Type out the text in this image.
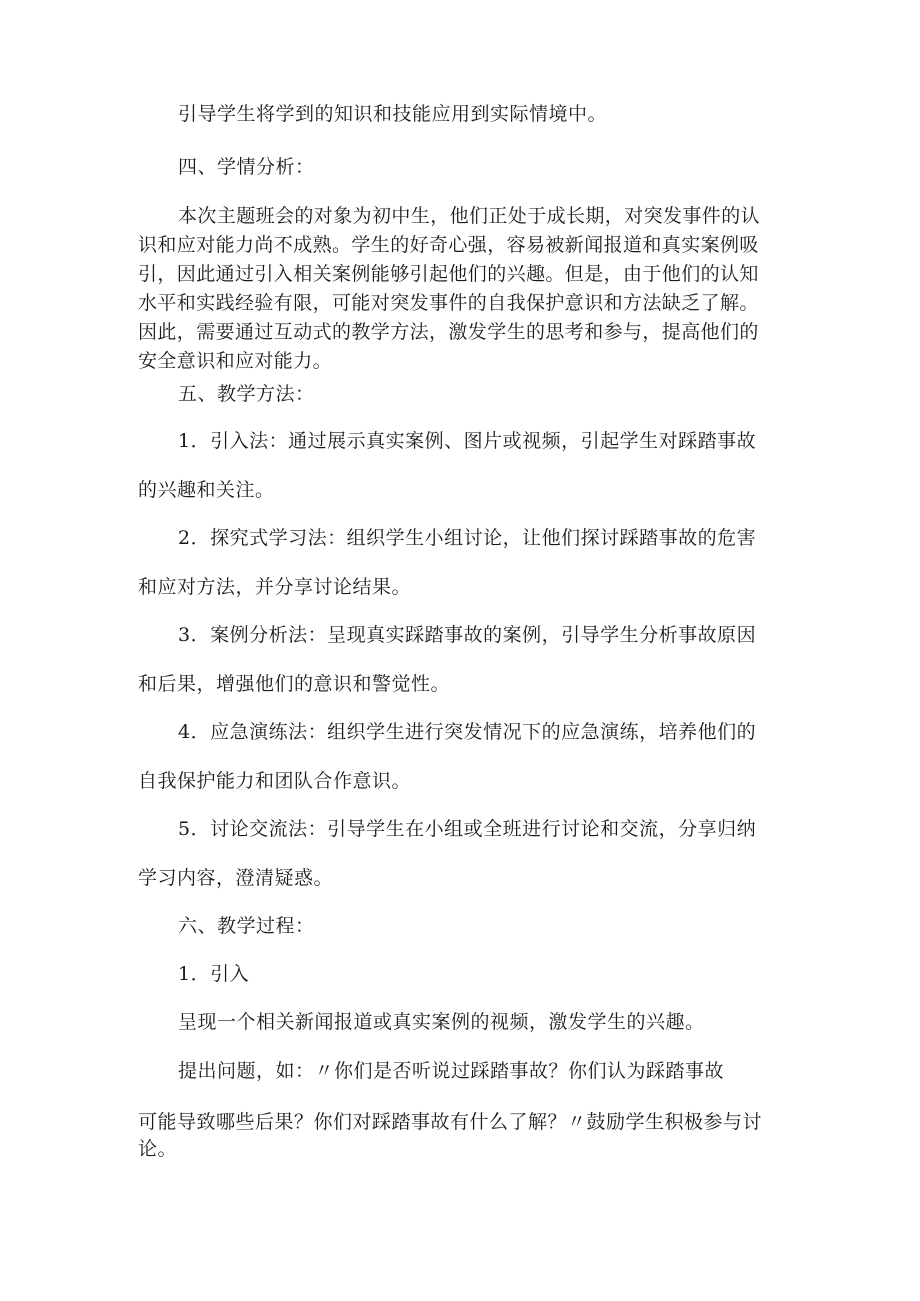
引导学生将学到的知识和技能应用到实际情境中。

四、学情分析：

本次主题班会的对象为初中生，他们正处于成长期，对突发事件的认
识和应对能力尚不成熟。学生的好奇心强，容易被新闻报道和真实案例吸
引，因此通过引入相关案例能够引起他们的兴趣。但是，由于他们的认知
水平和实践经验有限，可能对突发事件的自我保护意识和方法缺乏了解。
因此，需要通过互动式的教学方法，激发学生的思考和参与，提高他们的
安全意识和应对能力。

五、教学方法：

1．引入法：通过展示真实案例、图片或视频，引起学生对踩踏事故

的兴趣和关注。

2．探究式学习法：组织学生小组讨论，让他们探讨踩踏事故的危害

和应对方法，并分享讨论结果。

3．案例分析法：呈现真实踩踏事故的案例，引导学生分析事故原因

和后果，增强他们的意识和警觉性。

4．应急演练法：组织学生进行突发情况下的应急演练，培养他们的

自我保护能力和团队合作意识。

5．讨论交流法：引导学生在小组或全班进行讨论和交流，分享归纳

学习内容，澄清疑惑。

六、教学过程：

1．引入

呈现一个相关新闻报道或真实案例的视频，激发学生的兴趣。

提出问题，如：〃你们是否听说过踩踏事故？你们认为踩踏事故

可能导致哪些后果？你们对踩踏事故有什么了解？〃鼓励学生积极参与讨

论。
